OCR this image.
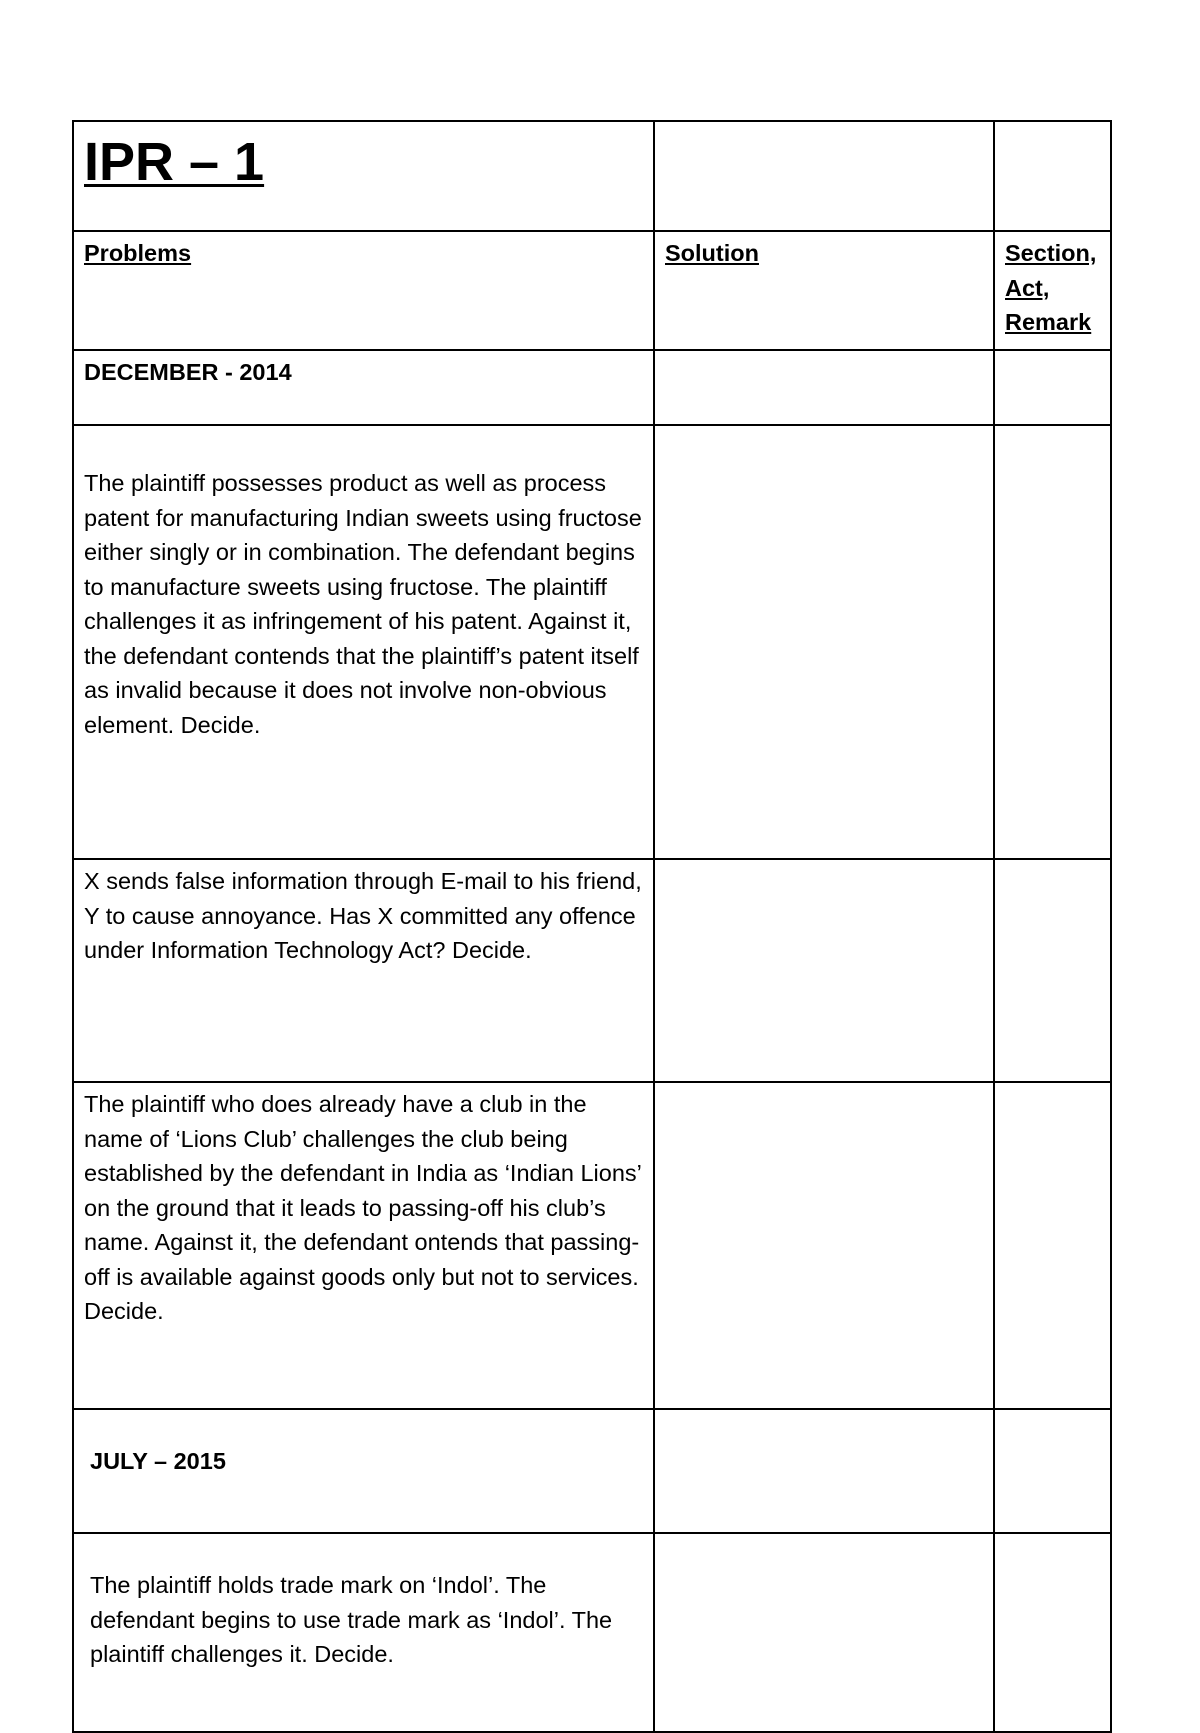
IPR – 1		

Problems	Solution	Section, Act, Remark
DECEMBER - 2014		

The plaintiff possesses product as well as process patent for manufacturing Indian sweets using fructose either singly or in combination. The defendant begins to manufacture sweets using fructose. The plaintiff challenges it as infringement of his patent. Against it, the defendant contends that the plaintiff’s patent itself as invalid because it does not involve non-obvious element. Decide.		

X sends false information through E-mail to his friend, Y to cause annoyance. Has X committed any offence under Information Technology Act? Decide.		
The plaintiff who does already have a club in the name of ‘Lions Club’ challenges the club being established by the defendant in India as ‘Indian Lions’ on the ground that it leads to passing-off his club’s name. Against it, the defendant ontends that passing-off is available against goods only but not to services. Decide.		

JULY – 2015		

The plaintiff holds trade mark on ‘Indol’. The defendant begins to use trade mark as ‘Indol’. The plaintiff challenges it. Decide.		
